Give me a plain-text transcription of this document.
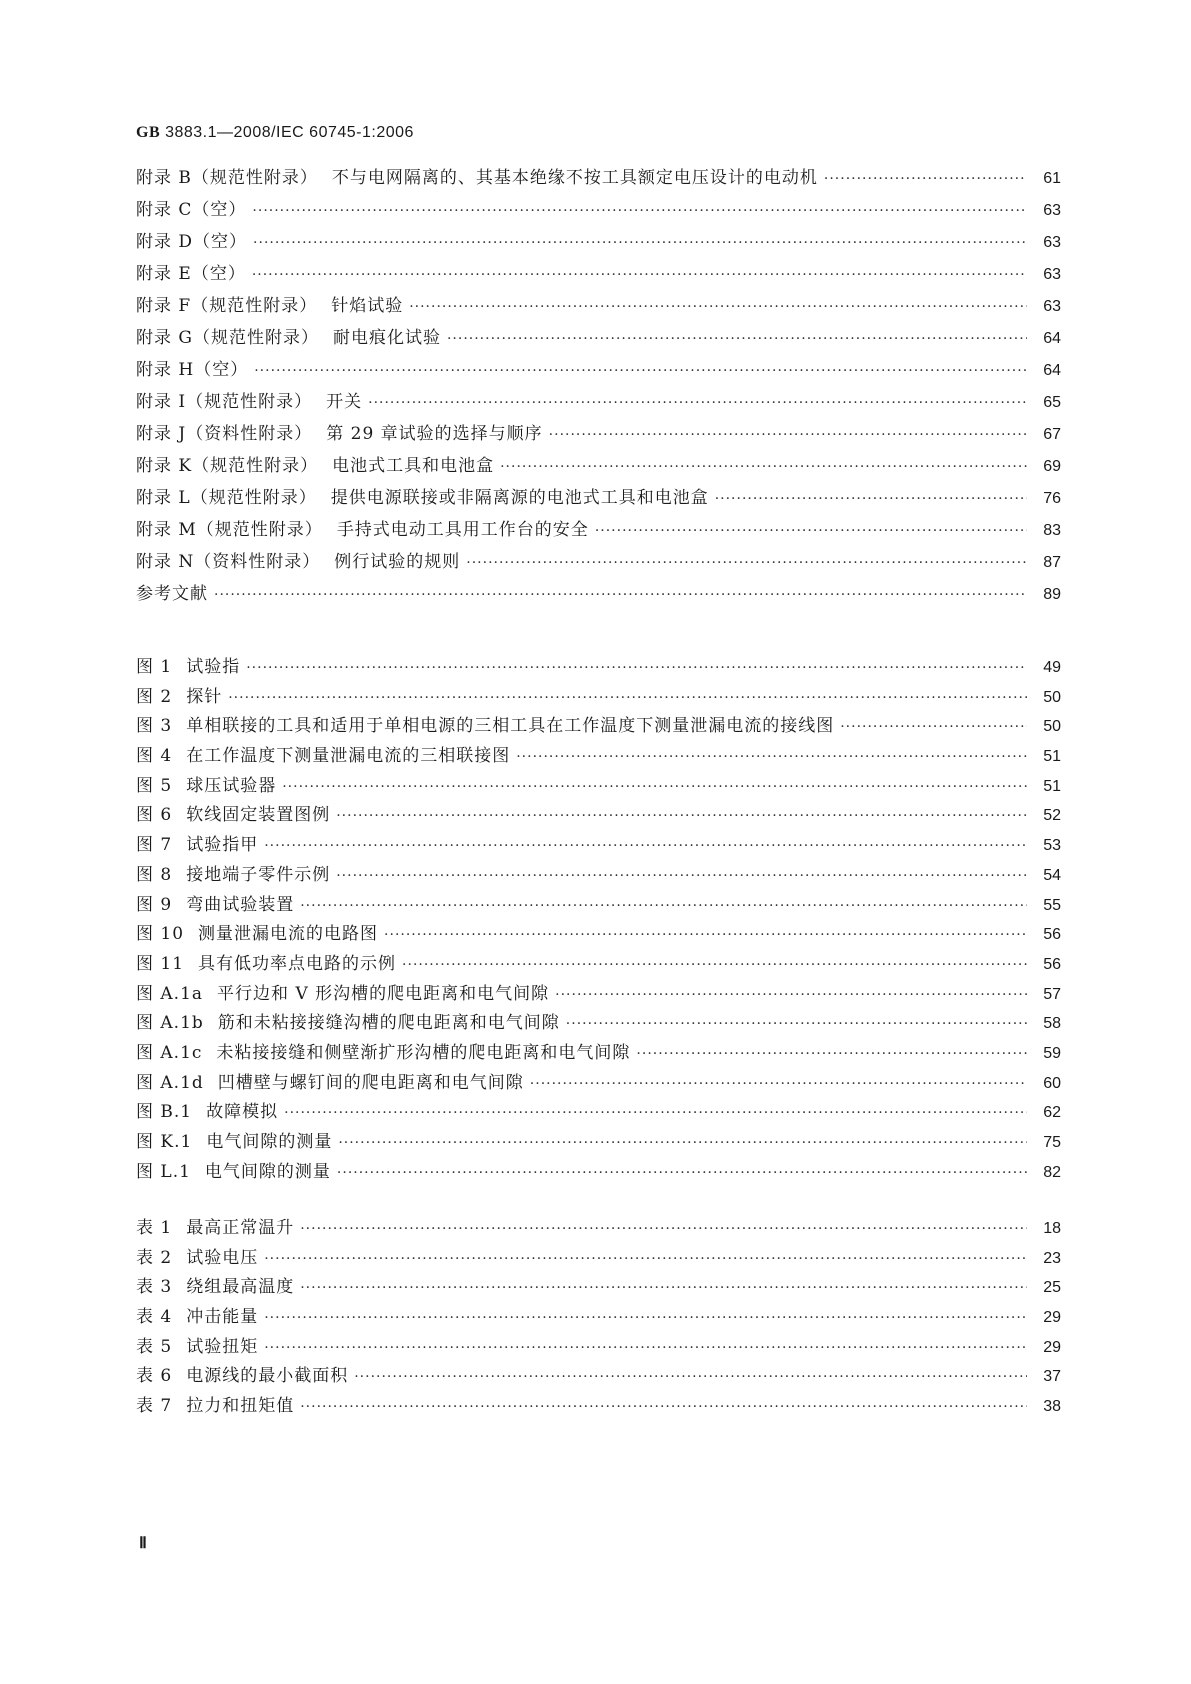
GB 3883.1—2008/IEC 60745-1:2006
附录 B（规范性附录） 不与电网隔离的、其基本绝缘不按工具额定电压设计的电动机 ·····	61
附录 C（空） ·····	63
附录 D（空） ·····	63
附录 E（空） ·····	63
附录 F（规范性附录） 针焰试验 ·····	63
附录 G（规范性附录） 耐电痕化试验 ·····	64
附录 H（空） ·····	64
附录 I（规范性附录） 开关 ·····	65
附录 J（资料性附录） 第 29 章试验的选择与顺序 ·····	67
附录 K（规范性附录） 电池式工具和电池盒 ·····	69
附录 L（规范性附录） 提供电源联接或非隔离源的电池式工具和电池盒 ·····	76
附录 M（规范性附录） 手持式电动工具用工作台的安全 ·····	83
附录 N（资料性附录） 例行试验的规则 ·····	87
参考文献 ·····	89
图 1 试验指 ·····	49
图 2 探针 ·····	50
图 3 单相联接的工具和适用于单相电源的三相工具在工作温度下测量泄漏电流的接线图 ·····	50
图 4 在工作温度下测量泄漏电流的三相联接图 ·····	51
图 5 球压试验器 ·····	51
图 6 软线固定装置图例 ·····	52
图 7 试验指甲 ·····	53
图 8 接地端子零件示例 ·····	54
图 9 弯曲试验装置 ·····	55
图 10 测量泄漏电流的电路图 ·····	56
图 11 具有低功率点电路的示例 ·····	56
图 A.1a 平行边和 V 形沟槽的爬电距离和电气间隙 ·····	57
图 A.1b 筋和未粘接接缝沟槽的爬电距离和电气间隙 ·····	58
图 A.1c 未粘接接缝和侧壁渐扩形沟槽的爬电距离和电气间隙 ·····	59
图 A.1d 凹槽壁与螺钉间的爬电距离和电气间隙 ·····	60
图 B.1 故障模拟 ·····	62
图 K.1 电气间隙的测量 ·····	75
图 L.1 电气间隙的测量 ·····	82
表 1 最高正常温升 ·····	18
表 2 试验电压 ·····	23
表 3 绕组最高温度 ·····	25
表 4 冲击能量 ·····	29
表 5 试验扭矩 ·····	29
表 6 电源线的最小截面积 ·····	37
表 7 拉力和扭矩值 ·····	38
Ⅱ
